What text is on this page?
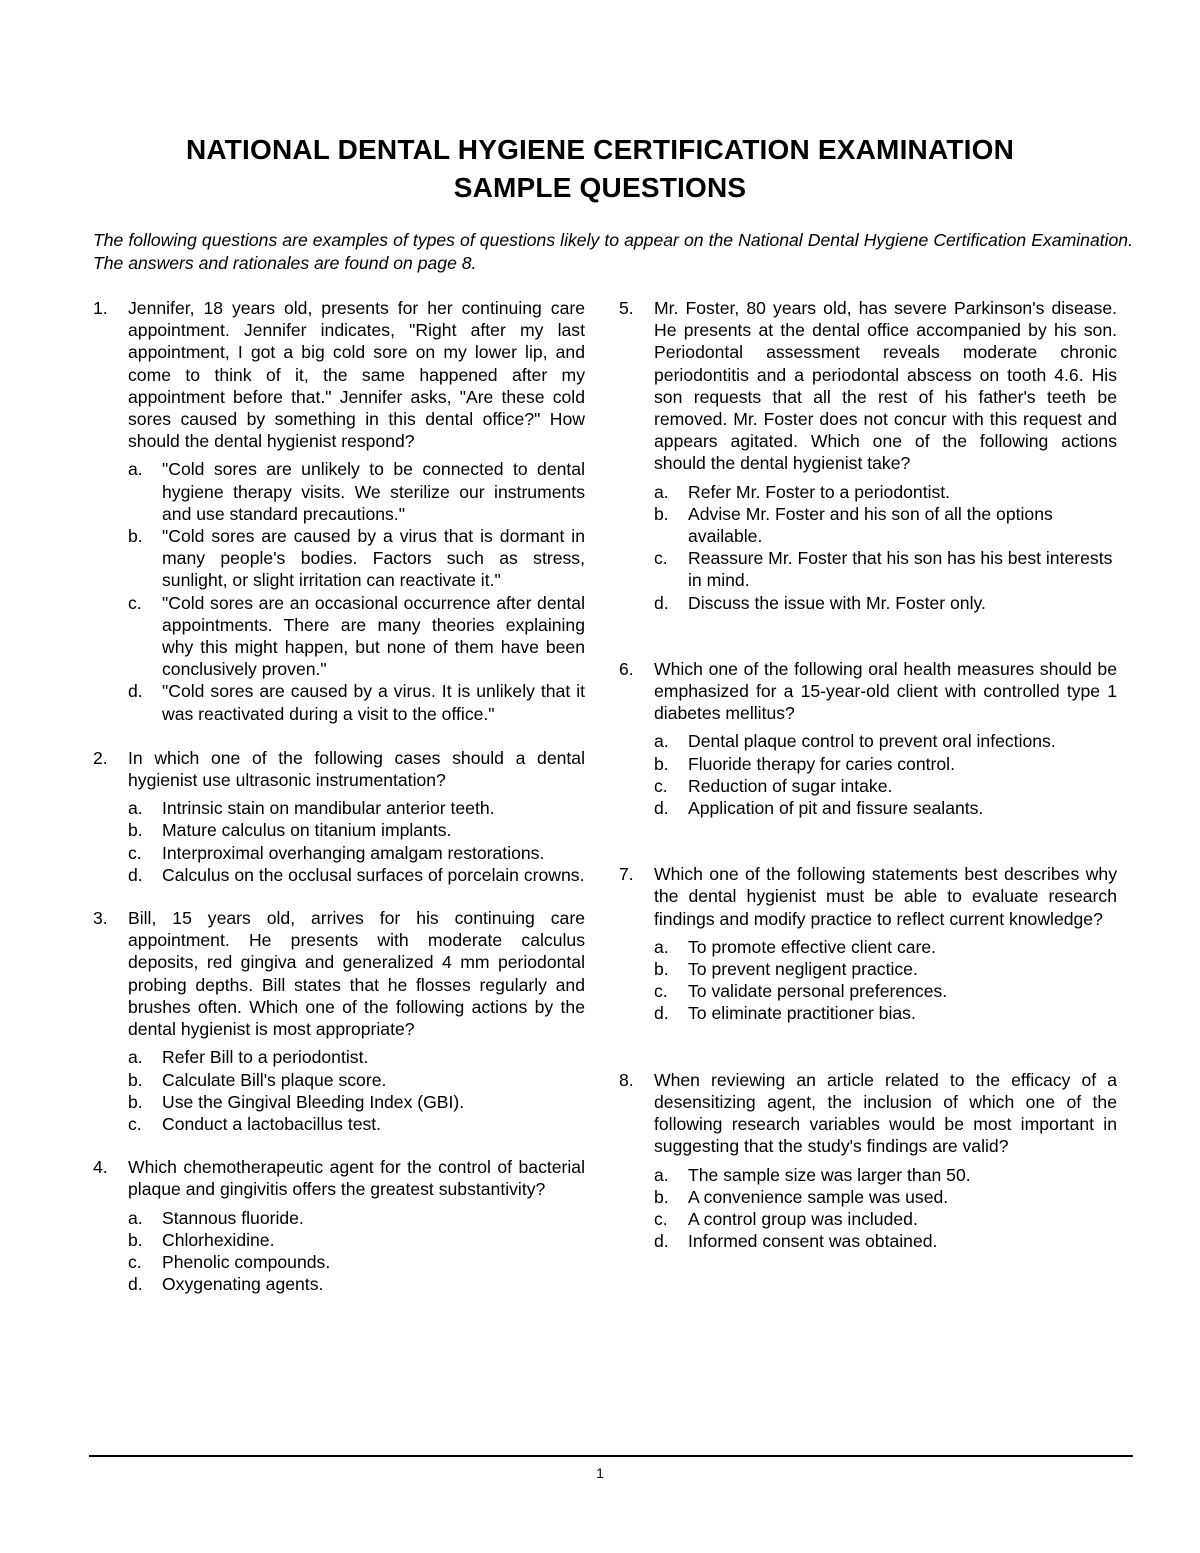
NATIONAL DENTAL HYGIENE CERTIFICATION EXAMINATION
SAMPLE QUESTIONS
The following questions are examples of types of questions likely to appear on the National Dental Hygiene Certification Examination. The answers and rationales are found on page 8.
1. Jennifer, 18 years old, presents for her continuing care appointment. Jennifer indicates, "Right after my last appointment, I got a big cold sore on my lower lip, and come to think of it, the same happened after my appointment before that." Jennifer asks, "Are these cold sores caused by something in this dental office?" How should the dental hygienist respond?
a. "Cold sores are unlikely to be connected to dental hygiene therapy visits. We sterilize our instruments and use standard precautions."
b. "Cold sores are caused by a virus that is dormant in many people's bodies. Factors such as stress, sunlight, or slight irritation can reactivate it."
c. "Cold sores are an occasional occurrence after dental appointments. There are many theories explaining why this might happen, but none of them have been conclusively proven."
d. "Cold sores are caused by a virus. It is unlikely that it was reactivated during a visit to the office."
2. In which one of the following cases should a dental hygienist use ultrasonic instrumentation?
a. Intrinsic stain on mandibular anterior teeth.
b. Mature calculus on titanium implants.
c. Interproximal overhanging amalgam restorations.
d. Calculus on the occlusal surfaces of porcelain crowns.
3. Bill, 15 years old, arrives for his continuing care appointment. He presents with moderate calculus deposits, red gingiva and generalized 4 mm periodontal probing depths. Bill states that he flosses regularly and brushes often. Which one of the following actions by the dental hygienist is most appropriate?
a. Refer Bill to a periodontist.
b. Calculate Bill's plaque score.
b. Use the Gingival Bleeding Index (GBI).
c. Conduct a lactobacillus test.
4. Which chemotherapeutic agent for the control of bacterial plaque and gingivitis offers the greatest substantivity?
a. Stannous fluoride.
b. Chlorhexidine.
c. Phenolic compounds.
d. Oxygenating agents.
5. Mr. Foster, 80 years old, has severe Parkinson's disease. He presents at the dental office accompanied by his son. Periodontal assessment reveals moderate chronic periodontitis and a periodontal abscess on tooth 4.6. His son requests that all the rest of his father's teeth be removed. Mr. Foster does not concur with this request and appears agitated. Which one of the following actions should the dental hygienist take?
a. Refer Mr. Foster to a periodontist.
b. Advise Mr. Foster and his son of all the options available.
c. Reassure Mr. Foster that his son has his best interests in mind.
d. Discuss the issue with Mr. Foster only.
6. Which one of the following oral health measures should be emphasized for a 15-year-old client with controlled type 1 diabetes mellitus?
a. Dental plaque control to prevent oral infections.
b. Fluoride therapy for caries control.
c. Reduction of sugar intake.
d. Application of pit and fissure sealants.
7. Which one of the following statements best describes why the dental hygienist must be able to evaluate research findings and modify practice to reflect current knowledge?
a. To promote effective client care.
b. To prevent negligent practice.
c. To validate personal preferences.
d. To eliminate practitioner bias.
8. When reviewing an article related to the efficacy of a desensitizing agent, the inclusion of which one of the following research variables would be most important in suggesting that the study's findings are valid?
a. The sample size was larger than 50.
b. A convenience sample was used.
c. A control group was included.
d. Informed consent was obtained.
1
